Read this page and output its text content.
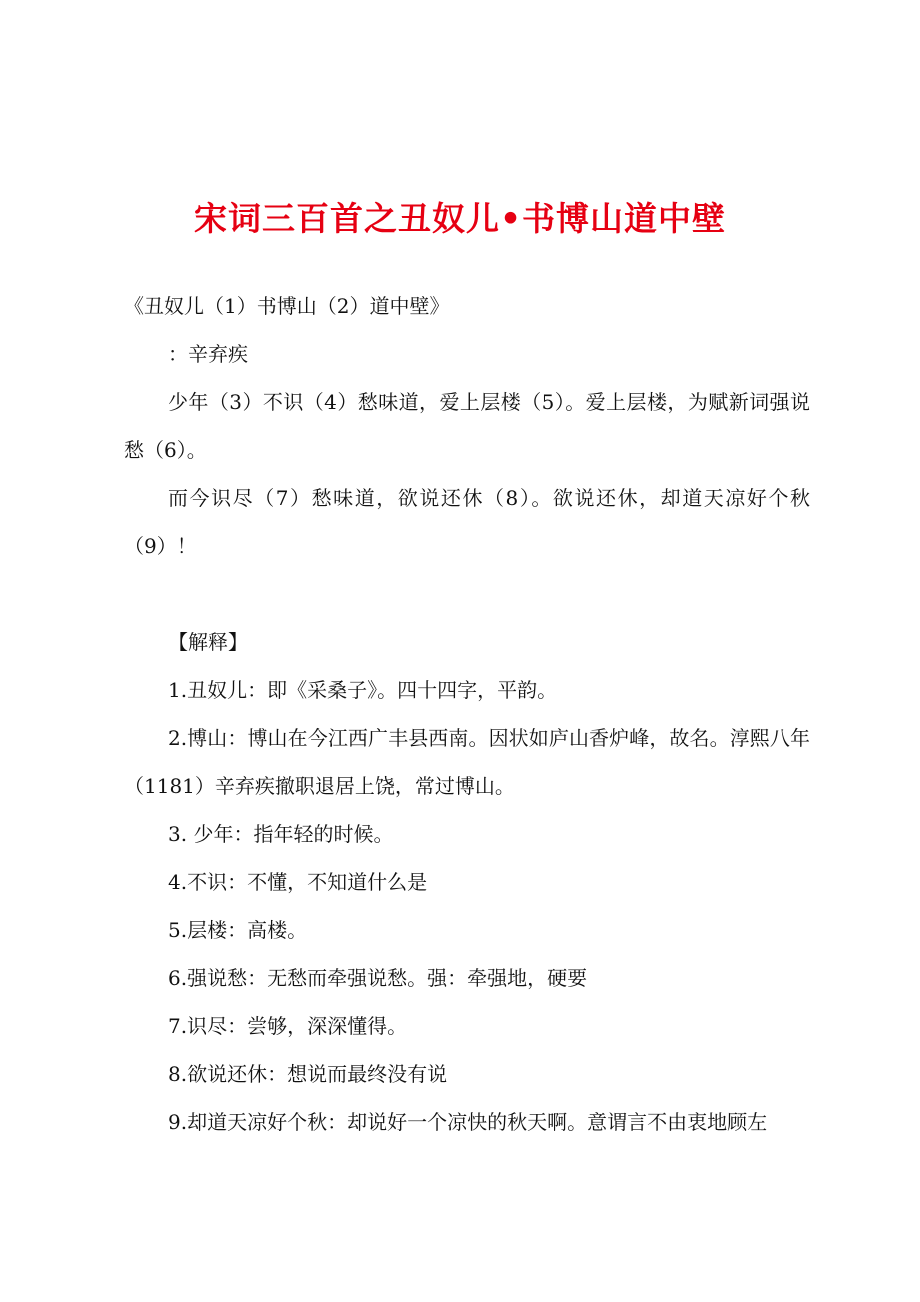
宋词三百首之丑奴儿•书博山道中壁
《丑奴儿（1）书博山（2）道中壁》
：辛弃疾
少年（3）不识（4）愁味道，爱上层楼（5）。爱上层楼，为赋新词强说愁（6）。
而今识尽（7）愁味道，欲说还休（8）。欲说还休，却道天凉好个秋（9）！
【解释】
1.丑奴儿：即《采桑子》。四十四字，平韵。
2.博山：博山在今江西广丰县西南。因状如庐山香炉峰，故名。淳熙八年（1181）辛弃疾撤职退居上饶，常过博山。
3. 少年：指年轻的时候。
4.不识：不懂，不知道什么是
5.层楼：高楼。
6.强说愁：无愁而牵强说愁。强：牵强地，硬要
7.识尽：尝够，深深懂得。
8.欲说还休：想说而最终没有说
9.却道天凉好个秋：却说好一个凉快的秋天啊。意谓言不由衷地顾左
